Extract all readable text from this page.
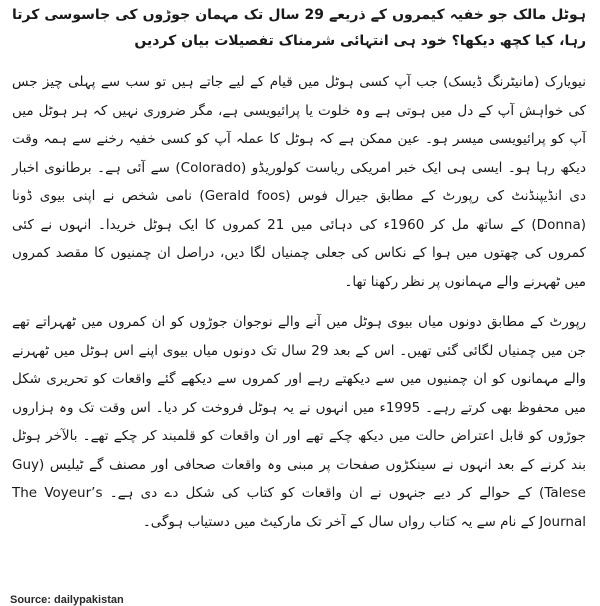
ہوٹل مالک جو خفیہ کیمروں کے ذریعے 29 سال تک مہمان جوڑوں کی جاسوسی کرتا رہا، کیا کچھ دیکھا؟ خود ہی انتہائی شرمناک تفصیلات بیان کردیں

نیویارک (مانیٹرنگ ڈیسک) جب آپ کسی ہوٹل میں قیام کے لیے جاتے ہیں تو سب سے پہلی چیز جس کی خواہش آپ کے دل میں ہوتی ہے وہ خلوت یا پرائیویسی ہے، مگر ضروری نہیں کہ ہر ہوٹل میں آپ کو پرائیویسی میسر ہو۔ عین ممکن ہے کہ ہوٹل کا عملہ آپ کو کسی خفیہ رخنے سے ہمہ وقت دیکھ رہا ہو۔ ایسی ہی ایک خبر امریکی ریاست کولوریڈو (Colorado) سے آئی ہے۔ برطانوی اخبار دی انڈیپنڈنٹ کی رپورٹ کے مطابق جیرال فوس (Gerald foos) نامی شخص نے اپنی بیوی ڈونا (Donna) کے ساتھ مل کر 1960ء کی دہائی میں 21 کمروں کا ایک ہوٹل خریدا۔ انہوں نے کئی کمروں کی چھتوں میں ہوا کے نکاس کی جعلی چمنیاں لگا دیں، دراصل ان چمنیوں کا مقصد کمروں میں ٹھہرنے والے مہمانوں پر نظر رکھنا تھا۔

رپورٹ کے مطابق دونوں میاں بیوی ہوٹل میں آنے والے نوجوان جوڑوں کو ان کمروں میں ٹھہراتے تھے جن میں چمنیاں لگائی گئی تھیں۔ اس کے بعد 29 سال تک دونوں میاں بیوی اپنے اس ہوٹل میں ٹھہرنے والے مہمانوں کو ان چمنیوں میں سے دیکھتے رہے اور کمروں سے دیکھے گئے واقعات کو تحریری شکل میں محفوظ بھی کرتے رہے۔ 1995ء میں انہوں نے یہ ہوٹل فروخت کر دیا۔ اس وقت تک وہ ہزاروں جوڑوں کو قابل اعتراض حالت میں دیکھ چکے تھے اور ان واقعات کو قلمبند کر چکے تھے۔ بالآخر ہوٹل بند کرنے کے بعد انہوں نے سینکڑوں صفحات پر مبنی وہ واقعات صحافی اور مصنف گے ٹیلیس (Guy Talese) کے حوالے کر دیے جنہوں نے ان واقعات کو کتاب کی شکل دے دی ہے۔ The Voyeur’s Journal کے نام سے یہ کتاب رواں سال کے آخر تک مارکیٹ میں دستیاب ہوگی۔

Source: dailypakistan
